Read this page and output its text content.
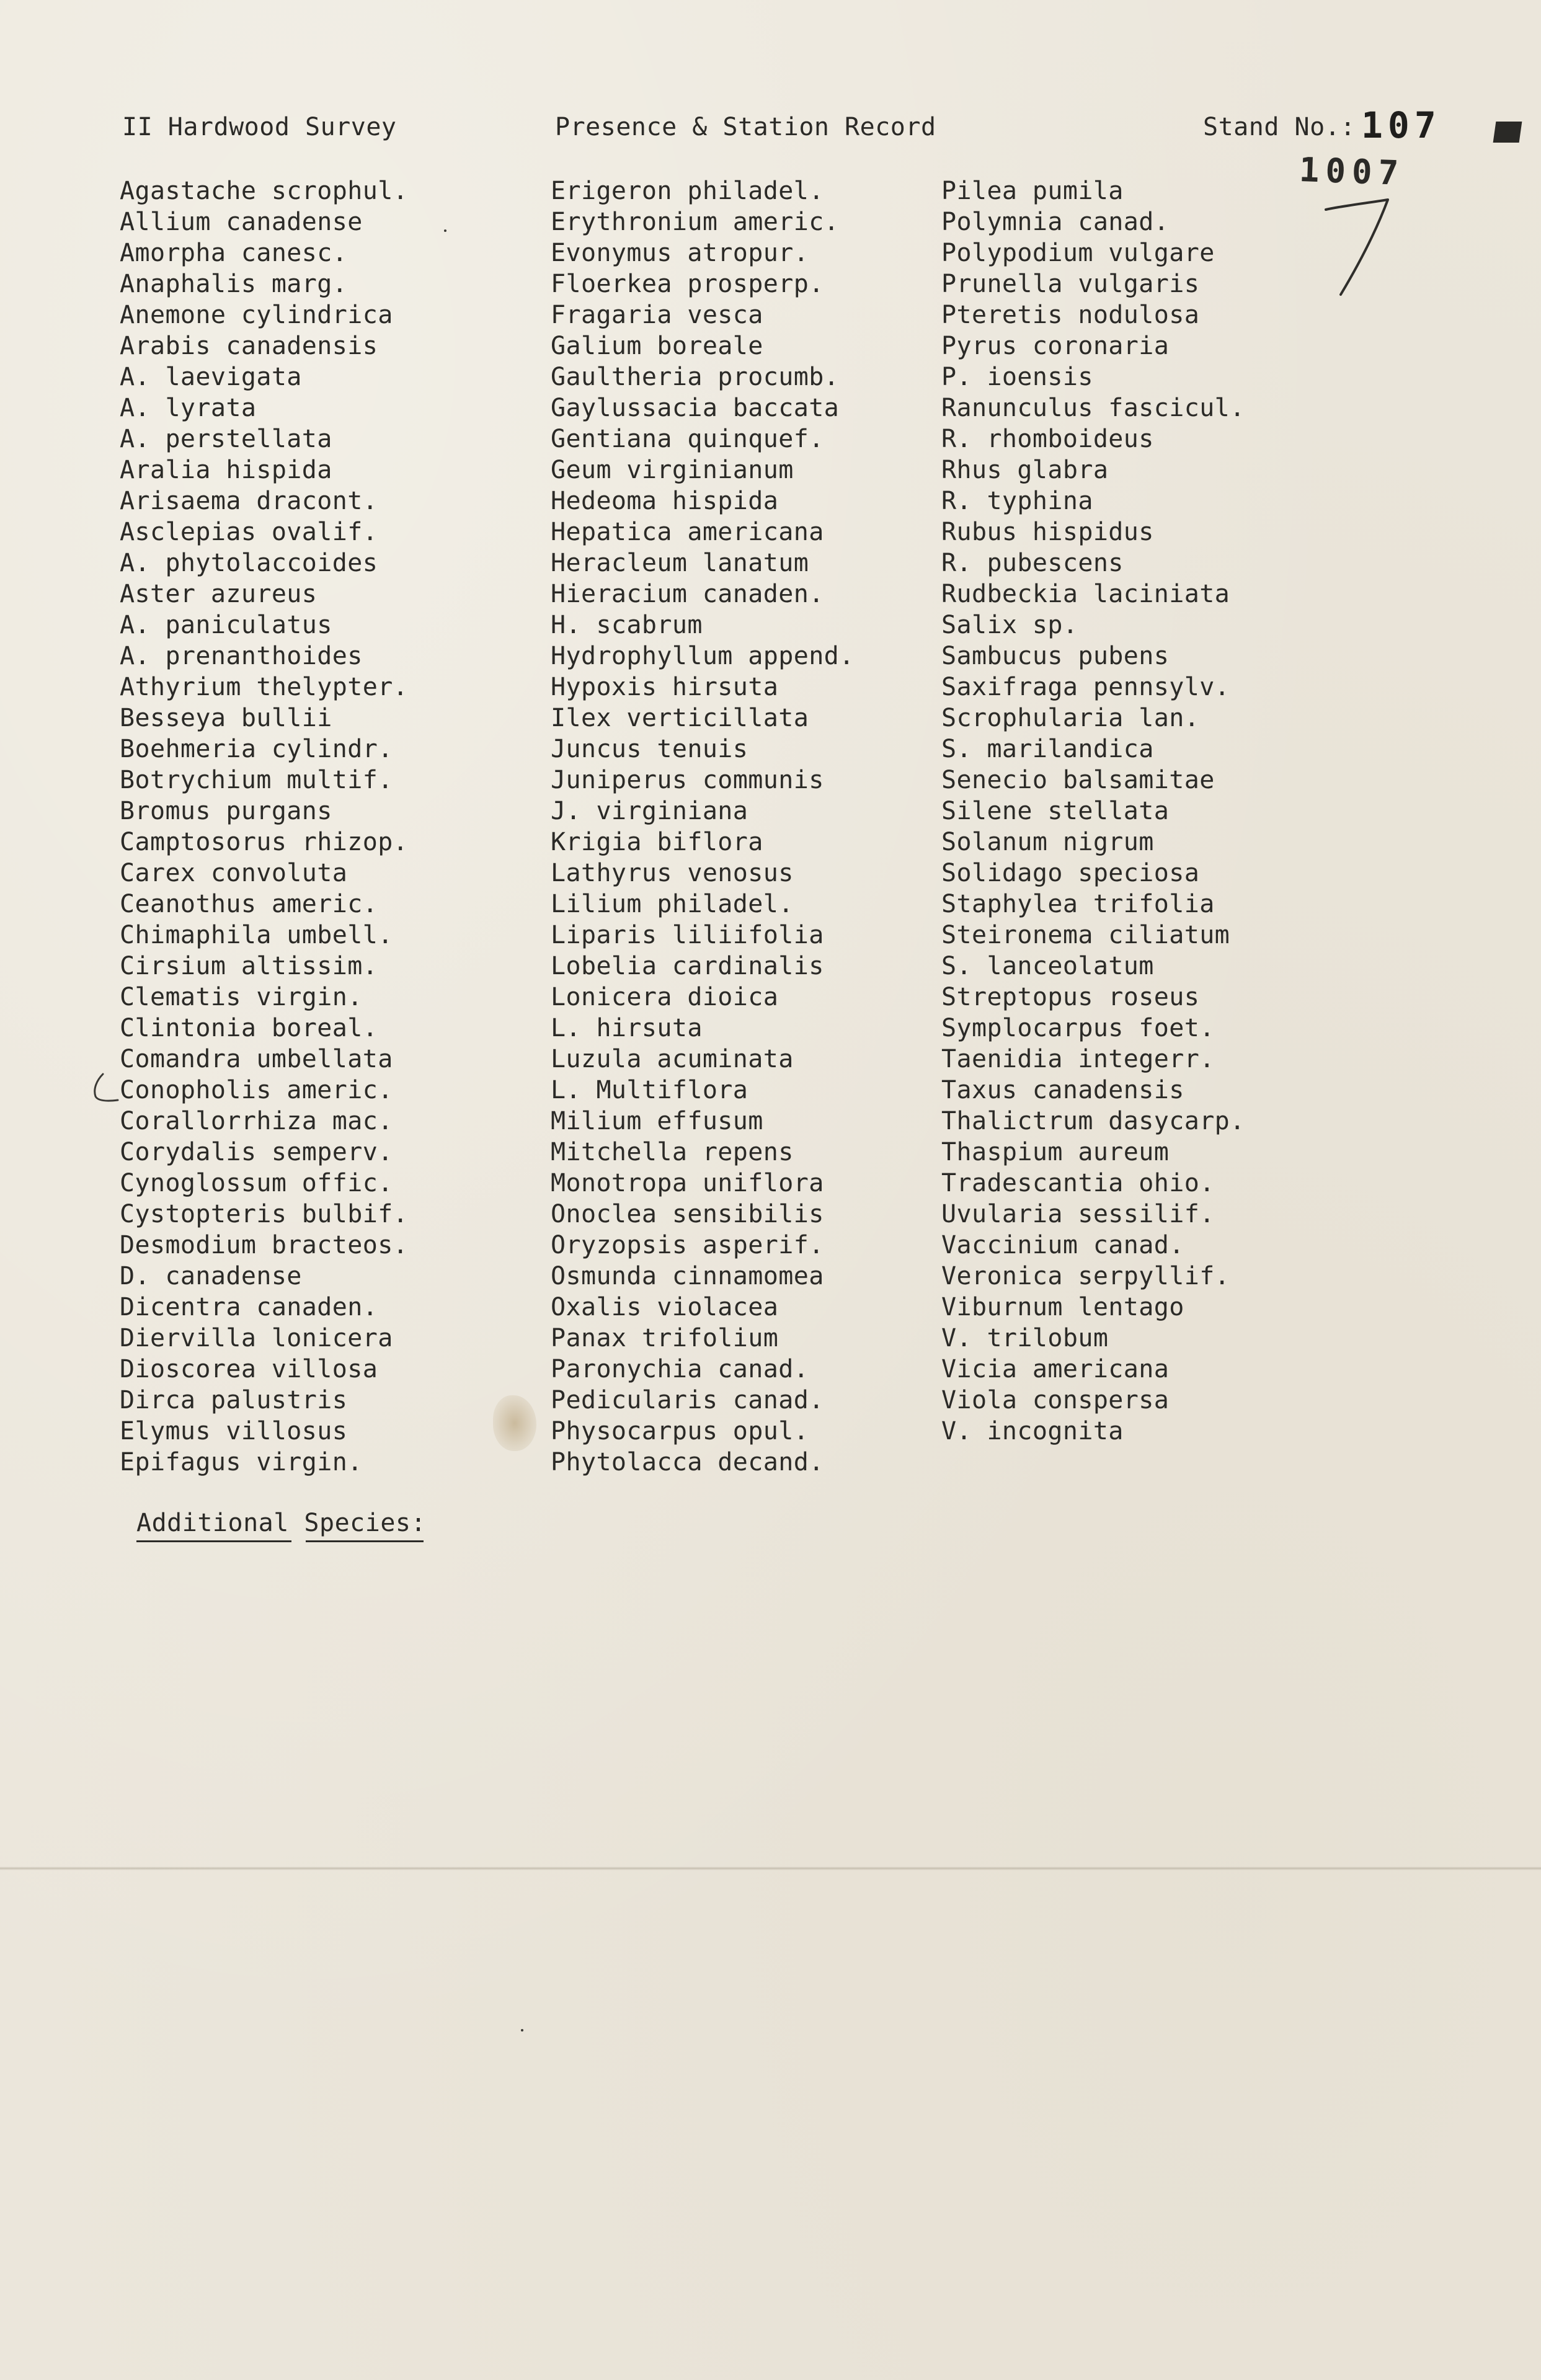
II Hardwood Survey	Presence & Station Record	Stand No.: 107
1007
Agastache scrophul.
Allium canadense
Amorpha canesc.
Anaphalis marg.
Anemone cylindrica
Arabis canadensis
A. laevigata
A. lyrata
A. perstellata
Aralia hispida
Arisaema dracont.
Asclepias ovalif.
A. phytolaccoides
Aster azureus
A. paniculatus
A. prenanthoides
Athyrium thelypter.
Besseya bullii
Boehmeria cylindr.
Botrychium multif.
Bromus purgans
Camptosorus rhizop.
Carex convoluta
Ceanothus americ.
Chimaphila umbell.
Cirsium altissim.
Clematis virgin.
Clintonia boreal.
Comandra umbellata
Conopholis americ.
Corallorrhiza mac.
Corydalis semperv.
Cynoglossum offic.
Cystopteris bulbif.
Desmodium bracteos.
D. canadense
Dicentra canaden.
Diervilla lonicera
Dioscorea villosa
Dirca palustris
Elymus villosus
Epifagus virgin.
Erigeron philadel.
Erythronium americ.
Evonymus atropur.
Floerkea prosperp.
Fragaria vesca
Galium boreale
Gaultheria procumb.
Gaylussacia baccata
Gentiana quinquef.
Geum virginianum
Hedeoma hispida
Hepatica americana
Heracleum lanatum
Hieracium canaden.
H. scabrum
Hydrophyllum append.
Hypoxis hirsuta
Ilex verticillata
Juncus tenuis
Juniperus communis
J. virginiana
Krigia biflora
Lathyrus venosus
Lilium philadel.
Liparis liliifolia
Lobelia cardinalis
Lonicera dioica
L. hirsuta
Luzula acuminata
L. Multiflora
Milium effusum
Mitchella repens
Monotropa uniflora
Onoclea sensibilis
Oryzopsis asperif.
Osmunda cinnamomea
Oxalis violacea
Panax trifolium
Paronychia canad.
Pedicularis canad.
Physocarpus opul.
Phytolacca decand.
Pilea pumila
Polymnia canad.
Polypodium vulgare
Prunella vulgaris
Pteretis nodulosa
Pyrus coronaria
P. ioensis
Ranunculus fascicul.
R. rhomboideus
Rhus glabra
R. typhina
Rubus hispidus
R. pubescens
Rudbeckia laciniata
Salix sp.
Sambucus pubens
Saxifraga pennsylv.
Scrophularia lan.
S. marilandica
Senecio balsamitae
Silene stellata
Solanum nigrum
Solidago speciosa
Staphylea trifolia
Steironema ciliatum
S. lanceolatum
Streptopus roseus
Symplocarpus foet.
Taenidia integerr.
Taxus canadensis
Thalictrum dasycarp.
Thaspium aureum
Tradescantia ohio.
Uvularia sessilif.
Vaccinium canad.
Veronica serpyllif.
Viburnum lentago
V. trilobum
Vicia americana
Viola conspersa
V. incognita
Additional Species:
